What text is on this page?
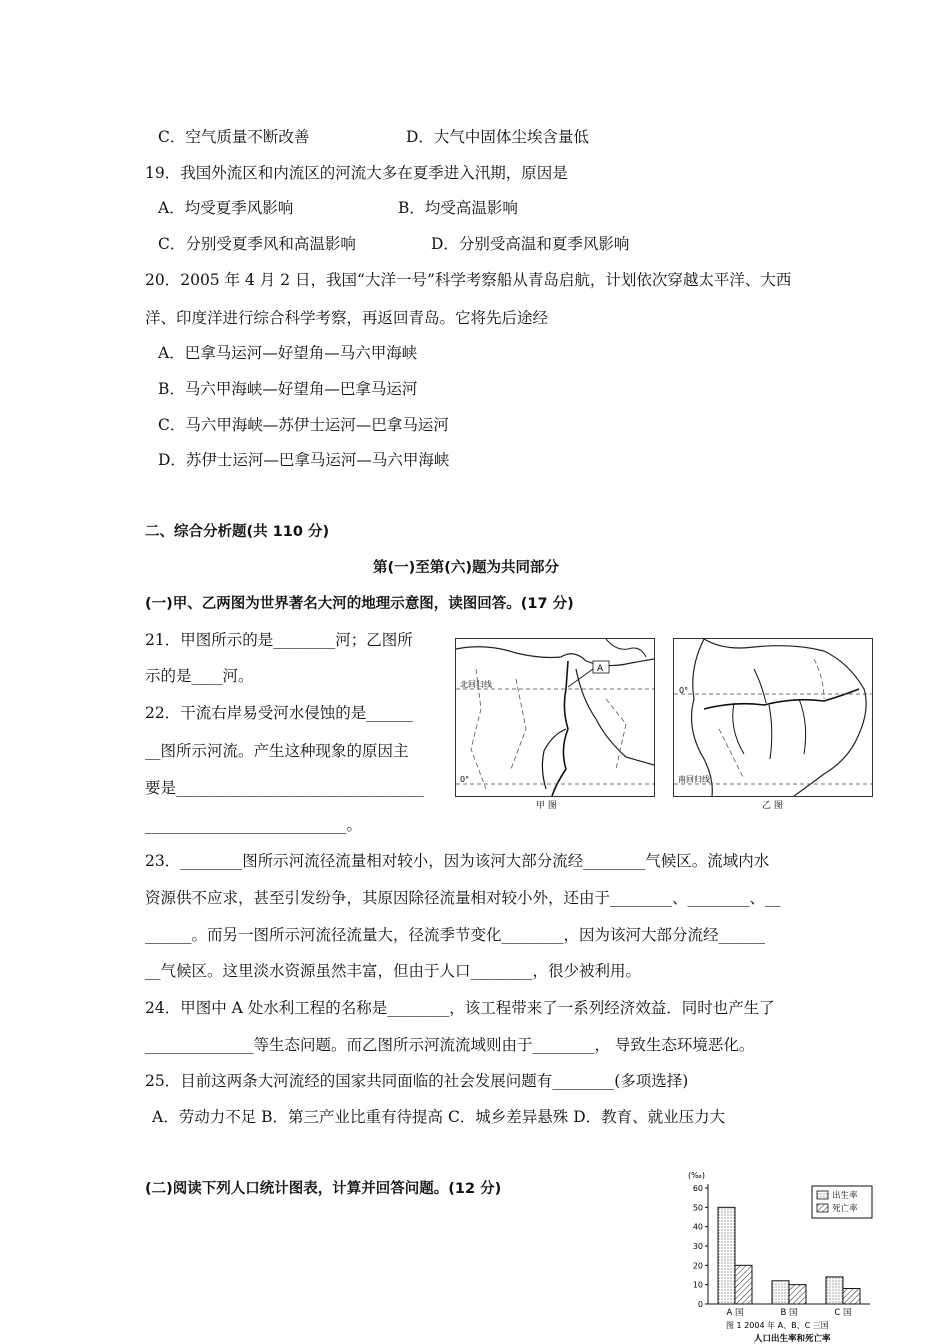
C．空气质量不断改善	D．大气中固体尘埃含量低
19．我国外流区和内流区的河流大多在夏季进入汛期，原因是
A．均受夏季风影响	B．均受高温影响
C．分别受夏季风和高温影响	D．分别受高温和夏季风影响
20．2005 年 4 月 2 日，我国“大洋一号”科学考察船从青岛启航，计划依次穿越太平洋、大西
洋、印度洋进行综合科学考察，再返回青岛。它将先后途经
A．巴拿马运河—好望角—马六甲海峡
B．马六甲海峡—好望角—巴拿马运河
C．马六甲海峡—苏伊士运河—巴拿马运河
D．苏伊士运河—巴拿马运河—马六甲海峡
二、综合分析题(共 110 分)
第(一)至第(六)题为共同部分
(一)甲、乙两图为世界著名大河的地理示意图，读图回答。(17 分)
21．甲图所示的是________河；乙图所
示的是____河。
22．干流右岸易受河水侵蚀的是______
__图所示河流。产生这种现象的原因主
要是________________________________
__________________________。
A
北回归线
0°
甲 图
0°
南回归线
乙 图
23．________图所示河流径流量相对较小，因为该河大部分流经________气候区。流域内水
资源供不应求，甚至引发纷争，其原因除径流量相对较小外，还由于________、________、__
______。而另一图所示河流径流量大，径流季节变化________，因为该河大部分流经______
__气候区。这里淡水资源虽然丰富，但由于人口________，很少被利用。
24．甲图中 A 处水利工程的名称是________，该工程带来了一系列经济效益．同时也产生了
______________等生态问题。而乙图所示河流流域则由于________， 导致生态环境恶化。
25．目前这两条大河流经的国家共同面临的社会发展问题有________(多项选择)
A．劳动力不足 B．第三产业比重有待提高 C．城乡差异悬殊 D．教育、就业压力大
(二)阅读下列人口统计图表，计算并回答问题。(12 分)
(‰)
0
10
20
30
40
50
60
A 国	B 国	C 国
出生率
死亡率
图 1 2004 年 A、B、C 三国
人口出生率和死亡率
